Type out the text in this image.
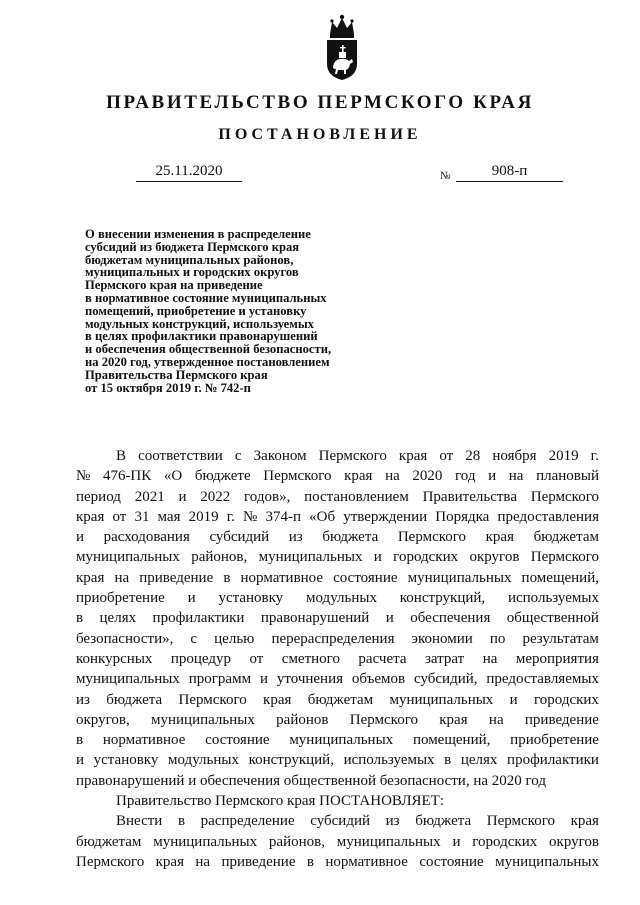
ПРАВИТЕЛЬСТВО ПЕРМСКОГО КРАЯ
ПОСТАНОВЛЕНИЕ
25.11.2020	№	908-п
О внесении изменения в распределение
субсидий из бюджета Пермского края
бюджетам муниципальных районов,
муниципальных и городских округов
Пермского края на приведение
в нормативное состояние муниципальных
помещений, приобретение и установку
модульных конструкций, используемых
в целях профилактики правонарушений
и обеспечения общественной безопасности,
на 2020 год, утвержденное постановлением
Правительства Пермского края
от 15 октября 2019 г. № 742-п
В соответствии с Законом Пермского края от 28 ноября 2019 г.
№ 476-ПК «О бюджете Пермского края на 2020 год и на плановый
период 2021 и 2022 годов», постановлением Правительства Пермского
края от 31 мая 2019 г. № 374-п «Об утверждении Порядка предоставления
и расходования субсидий из бюджета Пермского края бюджетам
муниципальных районов, муниципальных и городских округов Пермского
края на приведение в нормативное состояние муниципальных помещений,
приобретение и установку модульных конструкций, используемых
в целях профилактики правонарушений и обеспечения общественной
безопасности», с целью перераспределения экономии по результатам
конкурсных процедур от сметного расчета затрат на мероприятия
муниципальных программ и уточнения объемов субсидий, предоставляемых
из бюджета Пермского края бюджетам муниципальных и городских
округов, муниципальных районов Пермского края на приведение
в нормативное состояние муниципальных помещений, приобретение
и установку модульных конструкций, используемых в целях профилактики
правонарушений и обеспечения общественной безопасности, на 2020 год
Правительство Пермского края ПОСТАНОВЛЯЕТ:
Внести в распределение субсидий из бюджета Пермского края
бюджетам муниципальных районов, муниципальных и городских округов
Пермского края на приведение в нормативное состояние муниципальных
